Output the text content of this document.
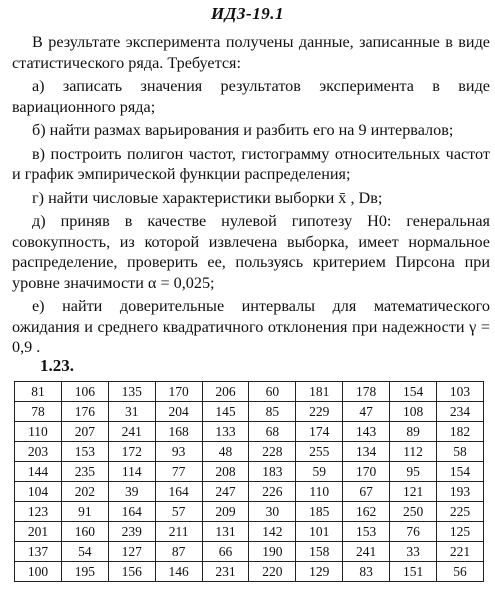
ИДЗ-19.1

В результате эксперимента получены данные, записанные в виде статистического ряда. Требуется:

а) записать значения результатов эксперимента в виде вариационного ряда;

б) найти размах варьирования и разбить его на 9 интервалов;

в) построить полигон частот, гистограмму относительных частот и график эмпирической функции распределения;

г) найти числовые характеристики выборки x̄ , Dв;

д) приняв в качестве нулевой гипотезу H0: генеральная совокупность, из которой извлечена выборка, имеет нормальное распределение, проверить ее, пользуясь критерием Пирсона при уровне значимости α = 0,025;

е) найти доверительные интервалы для математического ожидания и среднего квадратичного отклонения при надежности γ = 0,9 .

1.23.
81	106	135	170	206	60	181	178	154	103
78	176	31	204	145	85	229	47	108	234
110	207	241	168	133	68	174	143	89	182
203	153	172	93	48	228	255	134	112	58
144	235	114	77	208	183	59	170	95	154
104	202	39	164	247	226	110	67	121	193
123	91	164	57	209	30	185	162	250	225
201	160	239	211	131	142	101	153	76	125
137	54	127	87	66	190	158	241	33	221
100	195	156	146	231	220	129	83	151	56
